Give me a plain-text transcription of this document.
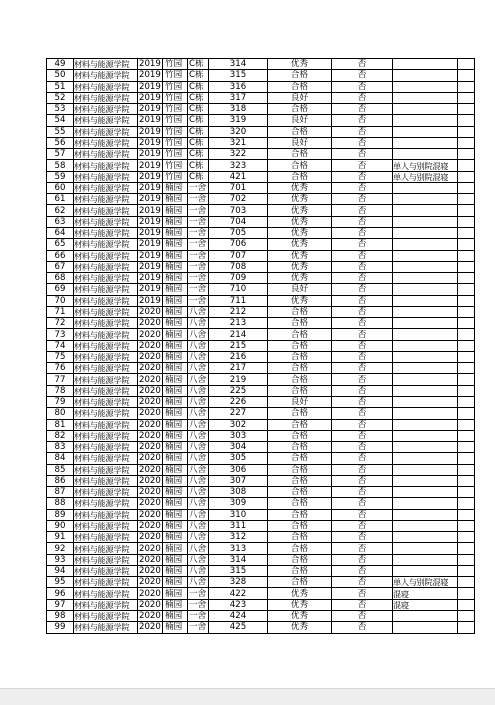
49	材料与能源学院	2019	竹园	C栋	314	优秀	否		
50	材料与能源学院	2019	竹园	C栋	315	合格	否		
51	材料与能源学院	2019	竹园	C栋	316	合格	否		
52	材料与能源学院	2019	竹园	C栋	317	良好	否		
53	材料与能源学院	2019	竹园	C栋	318	合格	否		
54	材料与能源学院	2019	竹园	C栋	319	良好	否		
55	材料与能源学院	2019	竹园	C栋	320	合格	否		
56	材料与能源学院	2019	竹园	C栋	321	良好	否		
57	材料与能源学院	2019	竹园	C栋	322	合格	否		
58	材料与能源学院	2019	竹园	C栋	323	合格	否	单人与别院混寝	
59	材料与能源学院	2019	竹园	C栋	421	合格	否	单人与别院混寝	
60	材料与能源学院	2019	楠园	一舍	701	优秀	否		
61	材料与能源学院	2019	楠园	一舍	702	优秀	否		
62	材料与能源学院	2019	楠园	一舍	703	优秀	否		
63	材料与能源学院	2019	楠园	一舍	704	优秀	否		
64	材料与能源学院	2019	楠园	一舍	705	优秀	否		
65	材料与能源学院	2019	楠园	一舍	706	优秀	否		
66	材料与能源学院	2019	楠园	一舍	707	优秀	否		
67	材料与能源学院	2019	楠园	一舍	708	优秀	否		
68	材料与能源学院	2019	楠园	一舍	709	优秀	否		
69	材料与能源学院	2019	楠园	一舍	710	良好	否		
70	材料与能源学院	2019	楠园	一舍	711	优秀	否		
71	材料与能源学院	2020	楠园	八舍	212	合格	否		
72	材料与能源学院	2020	楠园	八舍	213	合格	否		
73	材料与能源学院	2020	楠园	八舍	214	合格	否		
74	材料与能源学院	2020	楠园	八舍	215	合格	否		
75	材料与能源学院	2020	楠园	八舍	216	合格	否		
76	材料与能源学院	2020	楠园	八舍	217	合格	否		
77	材料与能源学院	2020	楠园	八舍	219	合格	否		
78	材料与能源学院	2020	楠园	八舍	225	合格	否		
79	材料与能源学院	2020	楠园	八舍	226	良好	否		
80	材料与能源学院	2020	楠园	八舍	227	合格	否		
81	材料与能源学院	2020	楠园	八舍	302	合格	否		
82	材料与能源学院	2020	楠园	八舍	303	合格	否		
83	材料与能源学院	2020	楠园	八舍	304	合格	否		
84	材料与能源学院	2020	楠园	八舍	305	合格	否		
85	材料与能源学院	2020	楠园	八舍	306	合格	否		
86	材料与能源学院	2020	楠园	八舍	307	合格	否		
87	材料与能源学院	2020	楠园	八舍	308	合格	否		
88	材料与能源学院	2020	楠园	八舍	309	合格	否		
89	材料与能源学院	2020	楠园	八舍	310	合格	否		
90	材料与能源学院	2020	楠园	八舍	311	合格	否		
91	材料与能源学院	2020	楠园	八舍	312	合格	否		
92	材料与能源学院	2020	楠园	八舍	313	合格	否		
93	材料与能源学院	2020	楠园	八舍	314	合格	否		
94	材料与能源学院	2020	楠园	八舍	315	合格	否		
95	材料与能源学院	2020	楠园	八舍	328	合格	否	单人与别院混寝	
96	材料与能源学院	2020	楠园	一舍	422	优秀	否	混寝	
97	材料与能源学院	2020	楠园	一舍	423	优秀	否	混寝	
98	材料与能源学院	2020	楠园	一舍	424	优秀	否		
99	材料与能源学院	2020	楠园	一舍	425	优秀	否		
